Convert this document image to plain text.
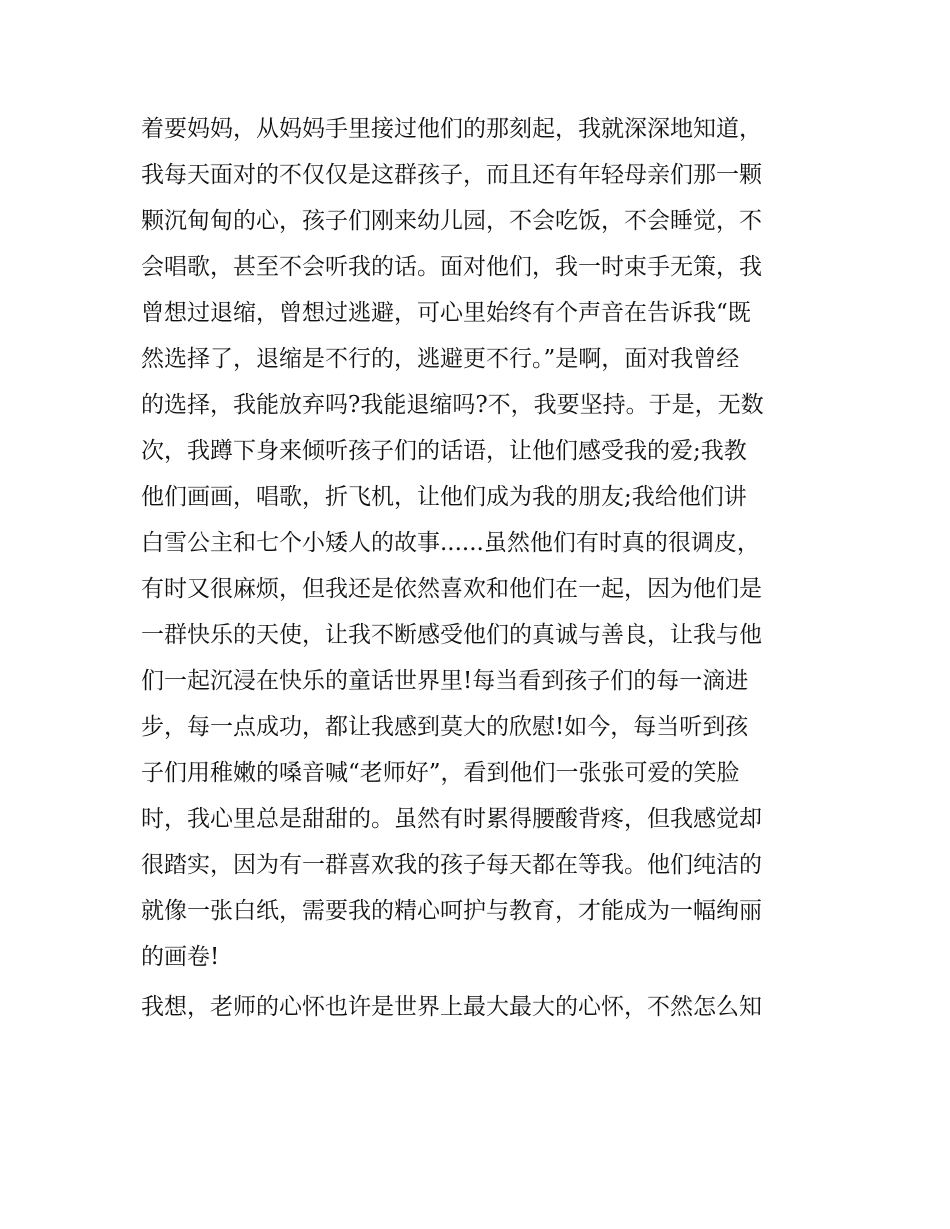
着要妈妈，从妈妈手里接过他们的那刻起，我就深深地知道，
我每天面对的不仅仅是这群孩子，而且还有年轻母亲们那一颗
颗沉甸甸的心，孩子们刚来幼儿园，不会吃饭，不会睡觉，不
会唱歌，甚至不会听我的话。面对他们，我一时束手无策，我
曾想过退缩，曾想过逃避，可心里始终有个声音在告诉我“既
然选择了，退缩是不行的，逃避更不行。”是啊，面对我曾经
的选择，我能放弃吗?我能退缩吗?不，我要坚持。于是，无数
次，我蹲下身来倾听孩子们的话语，让他们感受我的爱;我教
他们画画，唱歌，折飞机，让他们成为我的朋友;我给他们讲
白雪公主和七个小矮人的故事......虽然他们有时真的很调皮，
有时又很麻烦，但我还是依然喜欢和他们在一起，因为他们是
一群快乐的天使，让我不断感受他们的真诚与善良，让我与他
们一起沉浸在快乐的童话世界里!每当看到孩子们的每一滴进
步，每一点成功，都让我感到莫大的欣慰!如今，每当听到孩
子们用稚嫩的嗓音喊“老师好”，看到他们一张张可爱的笑脸
时，我心里总是甜甜的。虽然有时累得腰酸背疼，但我感觉却
很踏实，因为有一群喜欢我的孩子每天都在等我。他们纯洁的
就像一张白纸，需要我的精心呵护与教育，才能成为一幅绚丽
的画卷!
我想，老师的心怀也许是世界上最大最大的心怀，不然怎么知
